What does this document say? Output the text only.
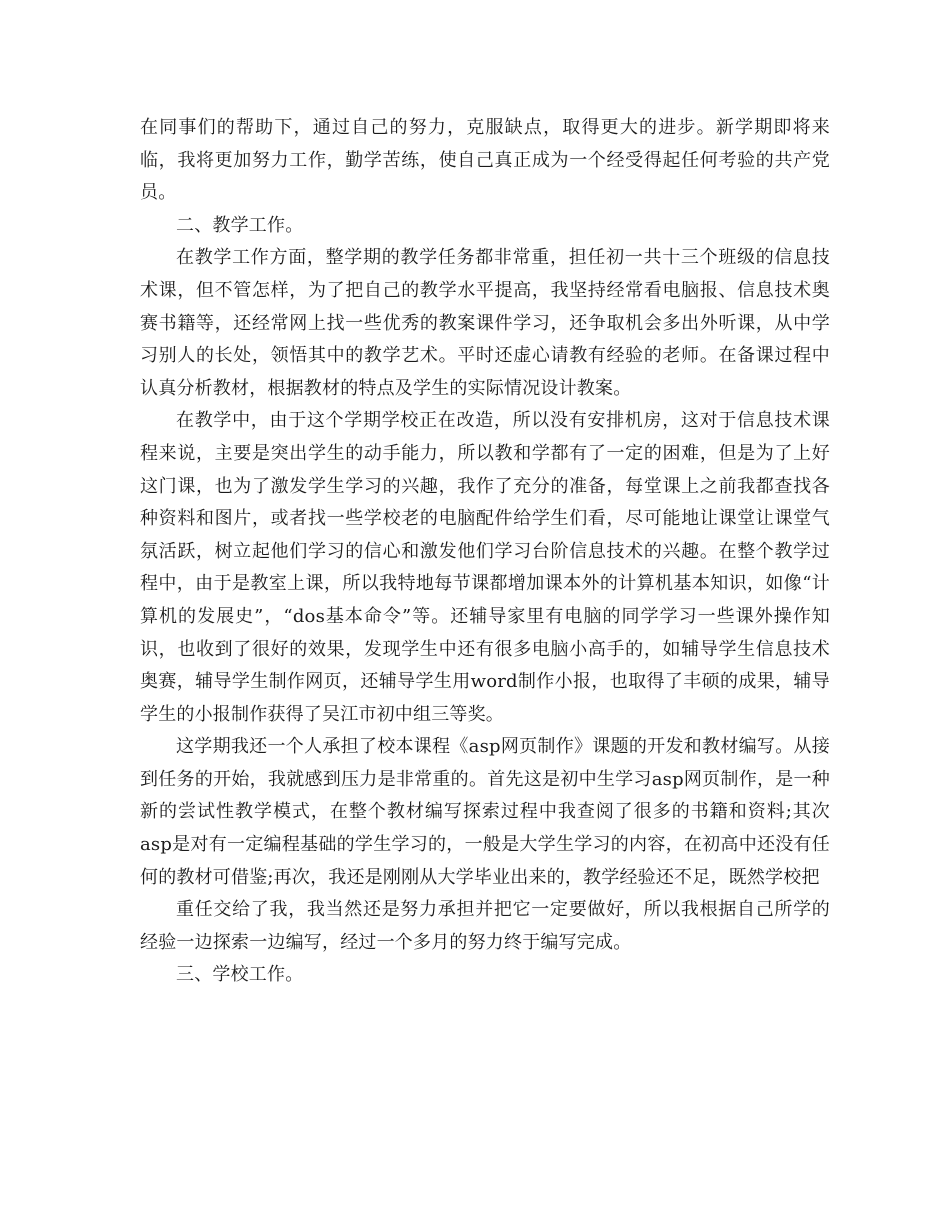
在同事们的帮助下，通过自己的努力，克服缺点，取得更大的进步。新学期即将来临，我将更加努力工作，勤学苦练，使自己真正成为一个经受得起任何考验的共产党员。

二、教学工作。

在教学工作方面，整学期的教学任务都非常重，担任初一共十三个班级的信息技术课，但不管怎样，为了把自己的教学水平提高，我坚持经常看电脑报、信息技术奥赛书籍等，还经常网上找一些优秀的教案课件学习，还争取机会多出外听课，从中学习别人的长处，领悟其中的教学艺术。平时还虚心请教有经验的老师。在备课过程中认真分析教材，根据教材的特点及学生的实际情况设计教案。

在教学中，由于这个学期学校正在改造，所以没有安排机房，这对于信息技术课程来说，主要是突出学生的动手能力，所以教和学都有了一定的困难，但是为了上好这门课，也为了激发学生学习的兴趣，我作了充分的准备，每堂课上之前我都查找各种资料和图片，或者找一些学校老的电脑配件给学生们看，尽可能地让课堂让课堂气氛活跃，树立起他们学习的信心和激发他们学习台阶信息技术的兴趣。在整个教学过程中，由于是教室上课，所以我特地每节课都增加课本外的计算机基本知识，如像“计算机的发展史”，“dos基本命令”等。还辅导家里有电脑的同学学习一些课外操作知识，也收到了很好的效果，发现学生中还有很多电脑小高手的，如辅导学生信息技术奥赛，辅导学生制作网页，还辅导学生用word制作小报，也取得了丰硕的成果，辅导学生的小报制作获得了吴江市初中组三等奖。

这学期我还一个人承担了校本课程《asp网页制作》课题的开发和教材编写。从接到任务的开始，我就感到压力是非常重的。首先这是初中生学习asp网页制作，是一种新的尝试性教学模式，在整个教材编写探索过程中我查阅了很多的书籍和资料;其次asp是对有一定编程基础的学生学习的，一般是大学生学习的内容，在初高中还没有任何的教材可借鉴;再次，我还是刚刚从大学毕业出来的，教学经验还不足，既然学校把

重任交给了我，我当然还是努力承担并把它一定要做好，所以我根据自己所学的经验一边探索一边编写，经过一个多月的努力终于编写完成。

三、学校工作。
